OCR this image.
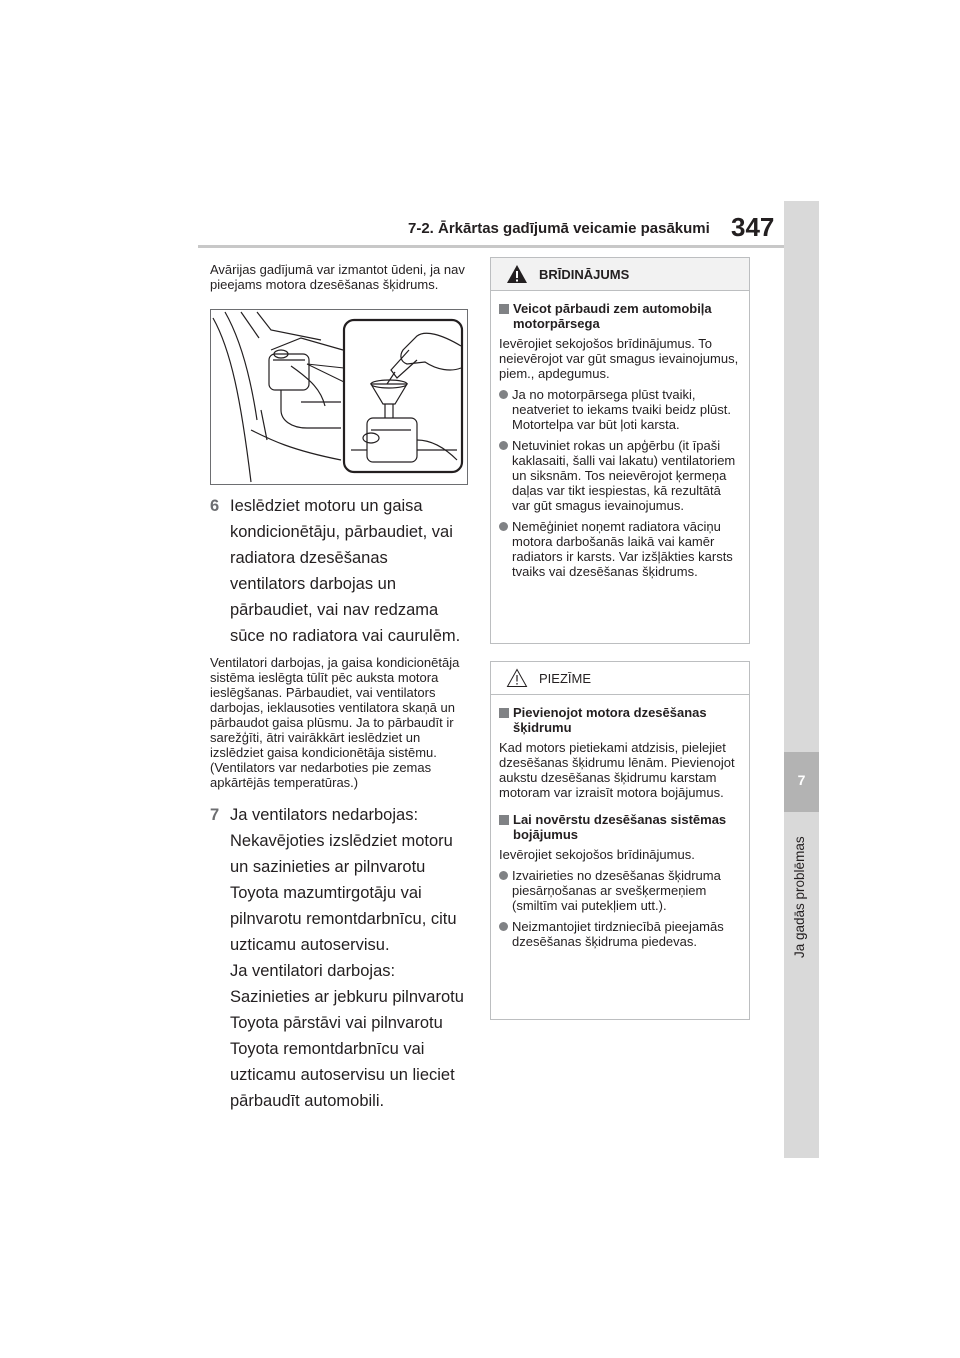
7-2. Ārkārtas gadījumā veicamie pasākumi 347
7
Ja gadās problēmas

Avārijas gadījumā var izmantot ūdeni, ja nav pieejams motora dzesēšanas šķidrums.

6 Ieslēdziet motoru un gaisa
kondicionētāju, pārbaudiet, vai
radiatora dzesēšanas
ventilators darbojas un
pārbaudiet, vai nav redzama
sūce no radiatora vai caurulēm.

Ventilatori darbojas, ja gaisa kondicionētāja sistēma ieslēgta tūlīt pēc auksta motora ieslēgšanas. Pārbaudiet, vai ventilators darbojas, ieklausoties ventilatora skaņā un pārbaudot gaisa plūsmu. Ja to pārbaudīt ir sarežģīti, ātri vairākkārt ieslēdziet un izslēdziet gaisa kondicionētāja sistēmu. (Ventilators var nedarboties pie zemas apkārtējās temperatūras.)

7 Ja ventilators nedarbojas:
Nekavējoties izslēdziet motoru
un sazinieties ar pilnvarotu
Toyota mazumtirgotāju vai
pilnvarotu remontdarbnīcu, citu
uzticamu autoservisu.
Ja ventilatori darbojas:
Sazinieties ar jebkuru pilnvarotu
Toyota pārstāvi vai pilnvarotu
Toyota remontdarbnīcu vai
uzticamu autoservisu un lieciet
pārbaudīt automobili.
BRĪDINĀJUMS
Veicot pārbaudi zem automobiļa motorpārsega

Ievērojiet sekojošos brīdinājumus. To neievērojot var gūt smagus ievainojumus, piem., apdegumus.

Ja no motorpārsega plūst tvaiki, neatveriet to iekams tvaiki beidz plūst. Motortelpa var būt ļoti karsta.
Netuviniet rokas un apģērbu (it īpaši kaklasaiti, šalli vai lakatu) ventilatoriem un siksnām. Tos neievērojot ķermeņa daļas var tikt iespiestas, kā rezultātā var gūt smagus ievainojumus.
Nemēģiniet noņemt radiatora vāciņu motora darbošanās laikā vai kamēr radiators ir karsts. Var izšļākties karsts tvaiks vai dzesēšanas šķidrums.
PIEZĪME
Pievienojot motora dzesēšanas šķidrumu

Kad motors pietiekami atdzisis, pielejiet dzesēšanas šķidrumu lēnām. Pievienojot aukstu dzesēšanas šķidrumu karstam motoram var izraisīt motora bojājumus.

Lai novērstu dzesēšanas sistēmas bojājumus

Ievērojiet sekojošos brīdinājumus.

Izvairieties no dzesēšanas šķidruma piesārņošanas ar svešķermeņiem (smiltīm vai putekļiem utt.).
Neizmantojiet tirdzniecībā pieejamās dzesēšanas šķidruma piedevas.
